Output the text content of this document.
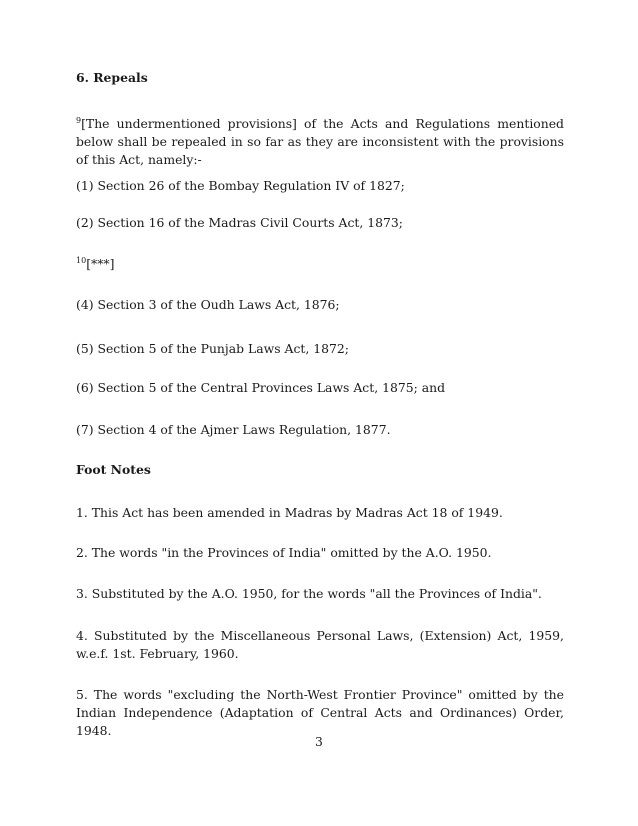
6. Repeals

$^9$[The undermentioned provisions] of the Acts and Regulations mentioned below shall be repealed in so far as they are inconsistent with the provisions of this Act, namely:-

(1) Section 26 of the Bombay Regulation IV of 1827;

(2) Section 16 of the Madras Civil Courts Act, 1873;

$^{10}$[***]

(4) Section 3 of the Oudh Laws Act, 1876;

(5) Section 5 of the Punjab Laws Act, 1872;

(6) Section 5 of the Central Provinces Laws Act, 1875; and

(7) Section 4 of the Ajmer Laws Regulation, 1877.

Foot Notes

1. This Act has been amended in Madras by Madras Act 18 of 1949.

2. The words "in the Provinces of India" omitted by the A.O. 1950.

3. Substituted by the A.O. 1950, for the words "all the Provinces of India".

4. Substituted by the Miscellaneous Personal Laws, (Extension) Act, 1959, w.e.f. 1st. February, 1960.

5. The words "excluding the North-West Frontier Province" omitted by the Indian Independence (Adaptation of Central Acts and Ordinances) Order, 1948.

3
